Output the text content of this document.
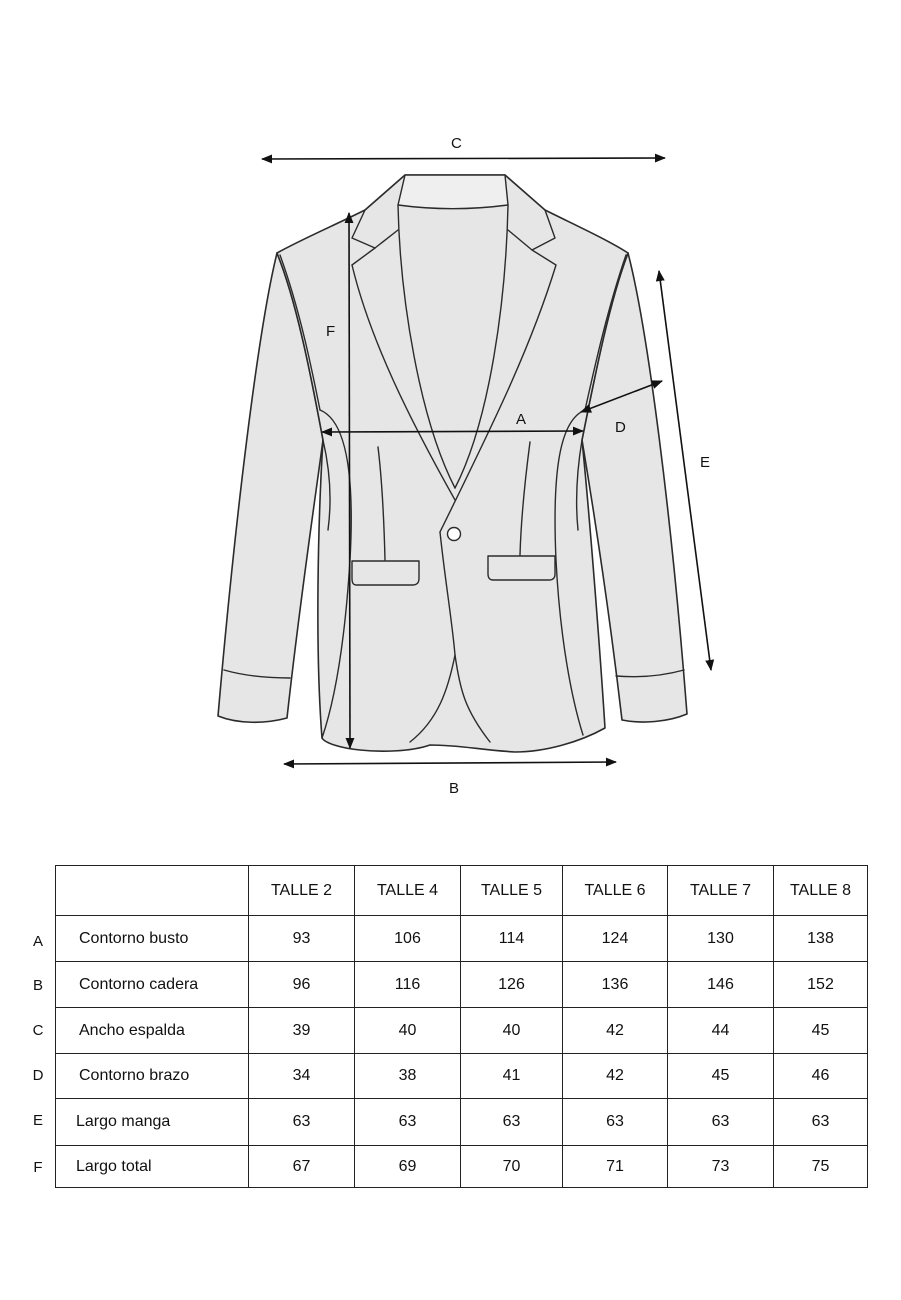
C
F
A	D
E
B
A
B
C
D
E
F
	TALLE 2	TALLE 4	TALLE 5	TALLE 6	TALLE 7	TALLE 8
Contorno busto	93	106	114	124	130	138
Contorno cadera	96	116	126	136	146	152
Ancho espalda	39	40	40	42	44	45
Contorno brazo	34	38	41	42	45	46
Largo manga	63	63	63	63	63	63
Largo total	67	69	70	71	73	75
